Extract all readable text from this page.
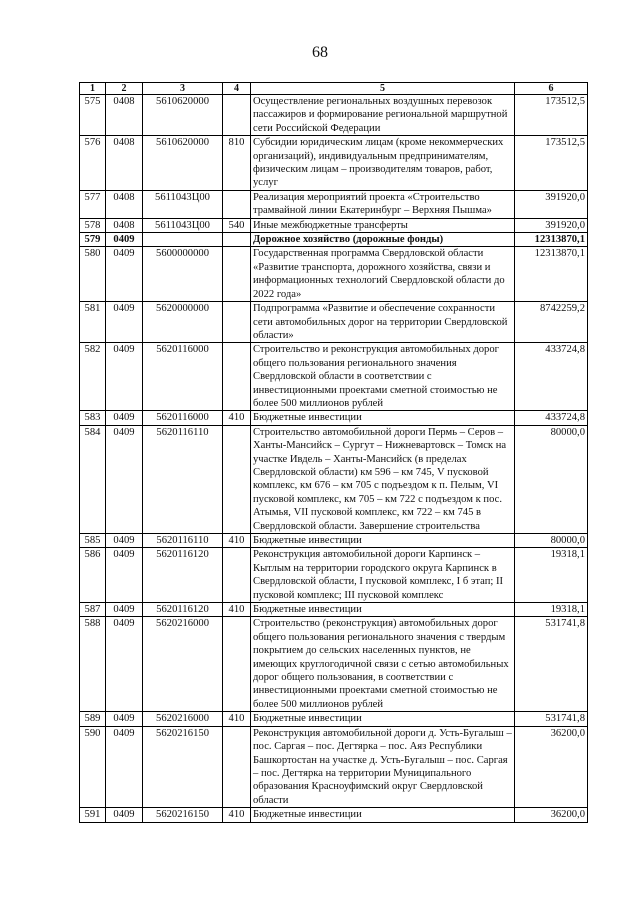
68
1	2	3	4	5	6
575	0408	5610620000		Осуществление региональных воздушных перевозок пассажиров и формирование региональной маршрутной сети Российской Федерации	173512,5
576	0408	5610620000	810	Субсидии юридическим лицам (кроме некоммерческих организаций), индивидуальным предпринимателям, физическим лицам – производителям товаров, работ, услуг	173512,5
577	0408	5611043Ц00		Реализация мероприятий проекта «Строительство трамвайной линии Екатеринбург – Верхняя Пышма»	391920,0
578	0408	5611043Ц00	540	Иные межбюджетные трансферты	391920,0
579	0409			Дорожное хозяйство (дорожные фонды)	12313870,1
580	0409	5600000000		Государственная программа Свердловской области «Развитие транспорта, дорожного хозяйства, связи и информационных технологий Свердловской области до 2022 года»	12313870,1
581	0409	5620000000		Подпрограмма «Развитие и обеспечение сохранности сети автомобильных дорог на территории Свердловской области»	8742259,2
582	0409	5620116000		Строительство и реконструкция автомобильных дорог общего пользования регионального значения Свердловской области в соответствии с инвестиционными проектами сметной стоимостью не более 500 миллионов рублей	433724,8
583	0409	5620116000	410	Бюджетные инвестиции	433724,8
584	0409	5620116110		Строительство автомобильной дороги Пермь – Серов – Ханты-Мансийск – Сургут – Нижневартовск – Томск на участке Ивдель – Ханты-Мансийск (в пределах Свердловской области) км 596 – км 745, V пусковой комплекс, км 676 – км 705 с подъездом к п. Пелым, VI пусковой комплекс, км 705 – км 722 с подъездом к пос. Атымья, VII пусковой комплекс, км 722 – км 745 в Свердловской области. Завершение строительства	80000,0
585	0409	5620116110	410	Бюджетные инвестиции	80000,0
586	0409	5620116120		Реконструкция автомобильной дороги Карпинск – Кытлым на территории городского округа Карпинск в Свердловской области, I пусковой комплекс, I б этап; II пусковой комплекс; III пусковой комплекс	19318,1
587	0409	5620116120	410	Бюджетные инвестиции	19318,1
588	0409	5620216000		Строительство (реконструкция) автомобильных дорог общего пользования регионального значения с твердым покрытием до сельских населенных пунктов, не имеющих круглогодичной связи с сетью автомобильных дорог общего пользования, в соответствии с инвестиционными проектами сметной стоимостью не более 500 миллионов рублей	531741,8
589	0409	5620216000	410	Бюджетные инвестиции	531741,8
590	0409	5620216150		Реконструкция автомобильной дороги д. Усть-Бугалыш – пос. Саргая – пос. Дегтярка – пос. Аяз Республики Башкортостан на участке д. Усть-Бугалыш – пос. Саргая – пос. Дегтярка на территории Муниципального образования Красноуфимский округ Свердловской области	36200,0
591	0409	5620216150	410	Бюджетные инвестиции	36200,0
